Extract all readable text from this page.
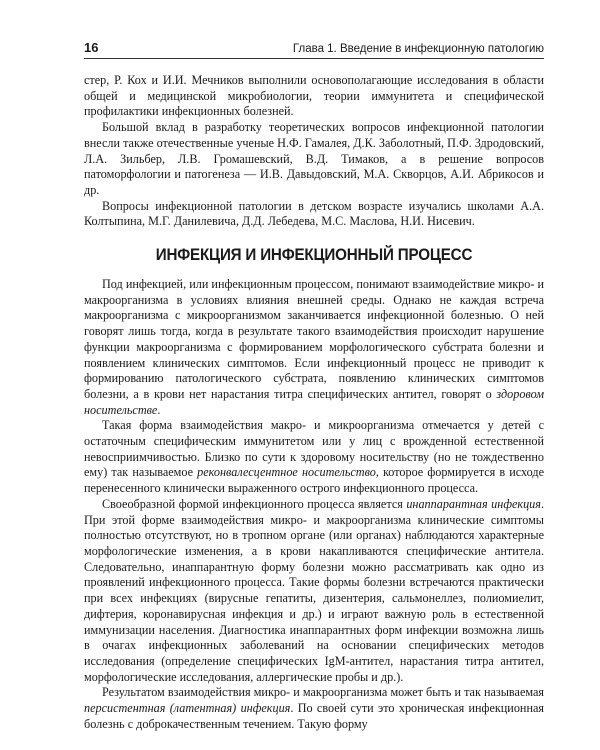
16	Глава 1. Введение в инфекционную патологию

стер, Р. Кох и И.И. Мечников выполнили основополагающие исследования в области общей и медицинской микробиологии, теории иммунитета и специфической профилактики инфекционных болезней.

Большой вклад в разработку теоретических вопросов инфекционной патологии внесли также отечественные ученые Н.Ф. Гамалея, Д.К. Заболотный, П.Ф. Здродовский, Л.А. Зильбер, Л.В. Громашевский, В.Д. Тимаков, а в решение вопросов патоморфологии и патогенеза — И.В. Давыдовский, М.А. Скворцов, А.И. Абрикосов и др.

Вопросы инфекционной патологии в детском возрасте изучались школами А.А. Колтыпина, М.Г. Данилевича, Д.Д. Лебедева, М.С. Маслова, Н.И. Нисевич.

ИНФЕКЦИЯ И ИНФЕКЦИОННЫЙ ПРОЦЕСС

Под инфекцией, или инфекционным процессом, понимают взаимодействие микро- и макроорганизма в условиях влияния внешней среды. Однако не каждая встреча макроорганизма с микроорганизмом заканчивается инфекционной болезнью. О ней говорят лишь тогда, когда в результате такого взаимодействия происходит нарушение функции макроорганизма с формированием морфологического субстрата болезни и появлением клинических симптомов. Если инфекционный процесс не приводит к формированию патологического субстрата, появлению клинических симптомов болезни, а в крови нет нарастания титра специфических антител, говорят о здоровом носительстве.

Такая форма взаимодействия макро- и микроорганизма отмечается у детей с остаточным специфическим иммунитетом или у лиц с врожденной естественной невосприимчивостью. Близко по сути к здоровому носительству (но не тождественно ему) так называемое реконвалесцентное носительство, которое формируется в исходе перенесенного клинически выраженного острого инфекционного процесса.

Своеобразной формой инфекционного процесса является инаппарантная инфекция. При этой форме взаимодействия микро- и макроорганизма клинические симптомы полностью отсутствуют, но в тропном органе (или органах) наблюдаются характерные морфологические изменения, а в крови накапливаются специфические антитела. Следовательно, инаппарантную форму болезни можно рассматривать как одно из проявлений инфекционного процесса. Такие формы болезни встречаются практически при всех инфекциях (вирусные гепатиты, дизентерия, сальмонеллез, полиомиелит, дифтерия, коронавирусная инфекция и др.) и играют важную роль в естественной иммунизации населения. Диагностика инаппарантных форм инфекции возможна лишь в очагах инфекционных заболеваний на основании специфических методов исследования (определение специфических IgM-антител, нарастания титра антител, морфологические исследования, аллергические пробы и др.).

Результатом взаимодействия микро- и макроорганизма может быть и так называемая персистентная (латентная) инфекция. По своей сути это хроническая инфекционная болезнь с доброкачественным течением. Такую форму
